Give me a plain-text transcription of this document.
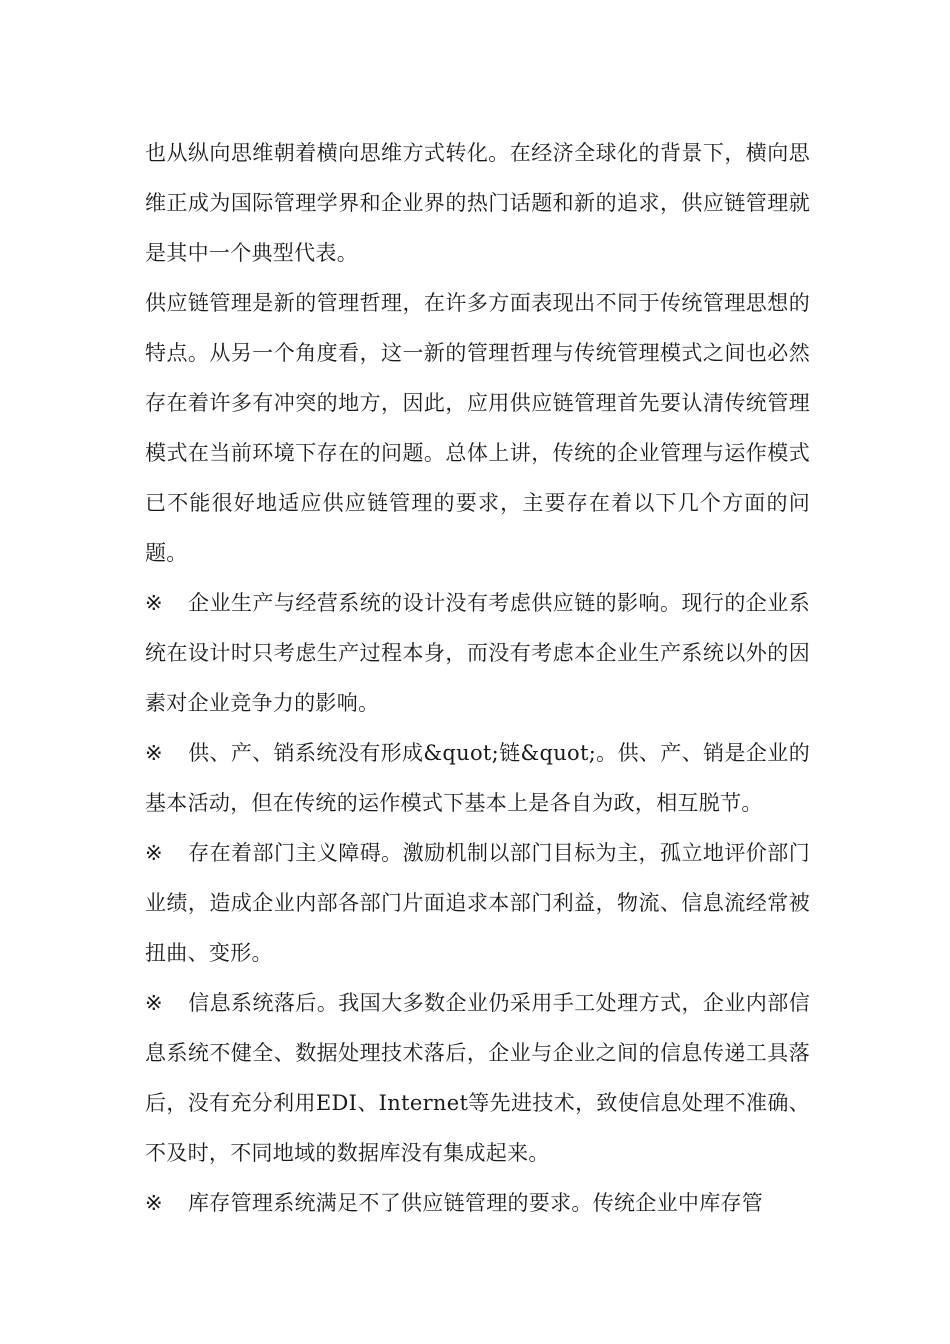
也从纵向思维朝着横向思维方式转化。在经济全球化的背景下，横向思维正成为国际管理学界和企业界的热门话题和新的追求，供应链管理就是其中一个典型代表。

供应链管理是新的管理哲理，在许多方面表现出不同于传统管理思想的特点。从另一个角度看，这一新的管理哲理与传统管理模式之间也必然存在着许多有冲突的地方，因此，应用供应链管理首先要认清传统管理模式在当前环境下存在的问题。总体上讲，传统的企业管理与运作模式已不能很好地适应供应链管理的要求，主要存在着以下几个方面的问题。

※ 企业生产与经营系统的设计没有考虑供应链的影响。现行的企业系统在设计时只考虑生产过程本身，而没有考虑本企业生产系统以外的因素对企业竞争力的影响。

※ 供、产、销系统没有形成&quot;链&quot;。供、产、销是企业的基本活动，但在传统的运作模式下基本上是各自为政，相互脱节。

※ 存在着部门主义障碍。激励机制以部门目标为主，孤立地评价部门业绩，造成企业内部各部门片面追求本部门利益，物流、信息流经常被扭曲、变形。

※ 信息系统落后。我国大多数企业仍采用手工处理方式，企业内部信息系统不健全、数据处理技术落后，企业与企业之间的信息传递工具落后，没有充分利用EDI、Internet等先进技术，致使信息处理不准确、不及时，不同地域的数据库没有集成起来。

※ 库存管理系统满足不了供应链管理的要求。传统企业中库存管
